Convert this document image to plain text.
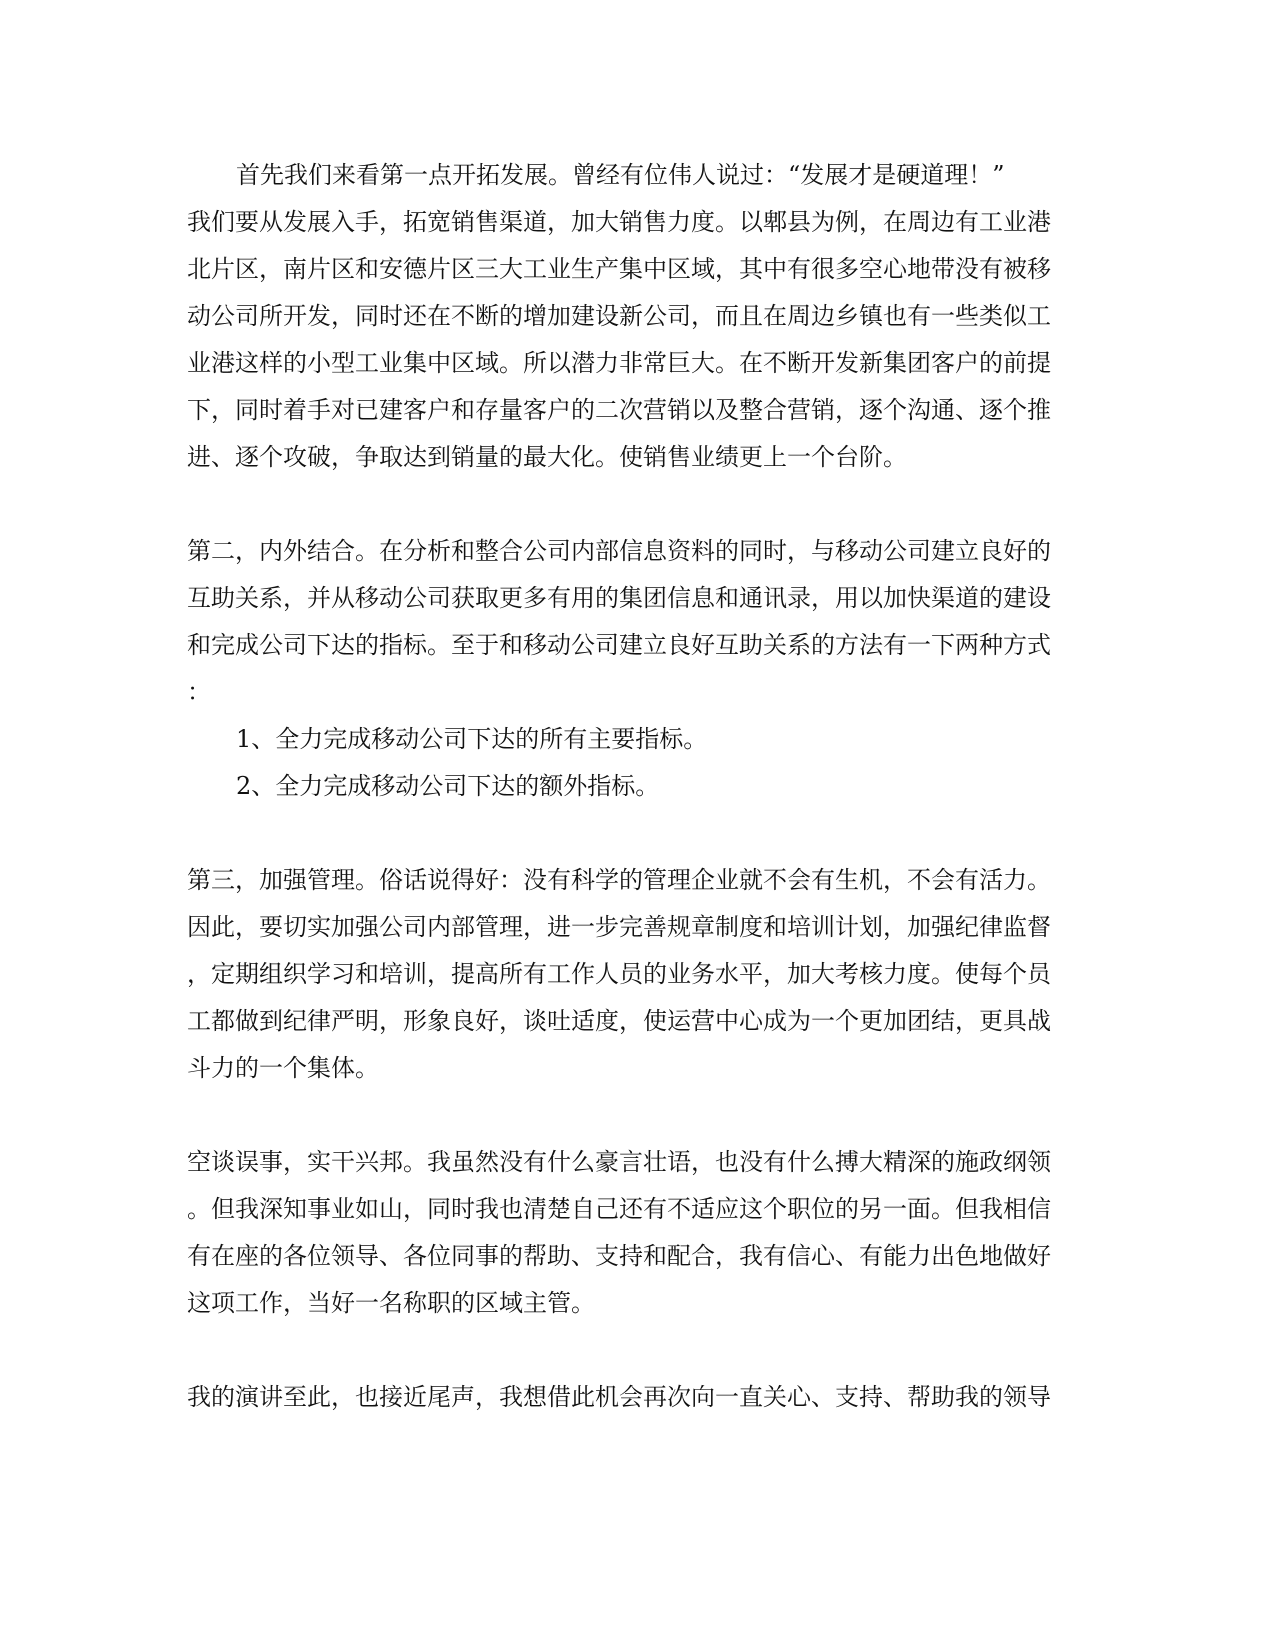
首先我们来看第一点开拓发展。曾经有位伟人说过：“发展才是硬道理！”
我们要从发展入手，拓宽销售渠道，加大销售力度。以郫县为例，在周边有工业港
北片区，南片区和安德片区三大工业生产集中区域，其中有很多空心地带没有被移
动公司所开发，同时还在不断的增加建设新公司，而且在周边乡镇也有一些类似工
业港这样的小型工业集中区域。所以潜力非常巨大。在不断开发新集团客户的前提
下，同时着手对已建客户和存量客户的二次营销以及整合营销，逐个沟通、逐个推
进、逐个攻破，争取达到销量的最大化。使销售业绩更上一个台阶。
第二，内外结合。在分析和整合公司内部信息资料的同时，与移动公司建立良好的
互助关系，并从移动公司获取更多有用的集团信息和通讯录，用以加快渠道的建设
和完成公司下达的指标。至于和移动公司建立良好互助关系的方法有一下两种方式
：
1、全力完成移动公司下达的所有主要指标。
2、全力完成移动公司下达的额外指标。
第三，加强管理。俗话说得好：没有科学的管理企业就不会有生机，不会有活力。
因此，要切实加强公司内部管理，进一步完善规章制度和培训计划，加强纪律监督
，定期组织学习和培训，提高所有工作人员的业务水平，加大考核力度。使每个员
工都做到纪律严明，形象良好，谈吐适度，使运营中心成为一个更加团结，更具战
斗力的一个集体。
空谈误事，实干兴邦。我虽然没有什么豪言壮语，也没有什么搏大精深的施政纲领
。但我深知事业如山，同时我也清楚自己还有不适应这个职位的另一面。但我相信
有在座的各位领导、各位同事的帮助、支持和配合，我有信心、有能力出色地做好
这项工作，当好一名称职的区域主管。
我的演讲至此，也接近尾声，我想借此机会再次向一直关心、支持、帮助我的领导
